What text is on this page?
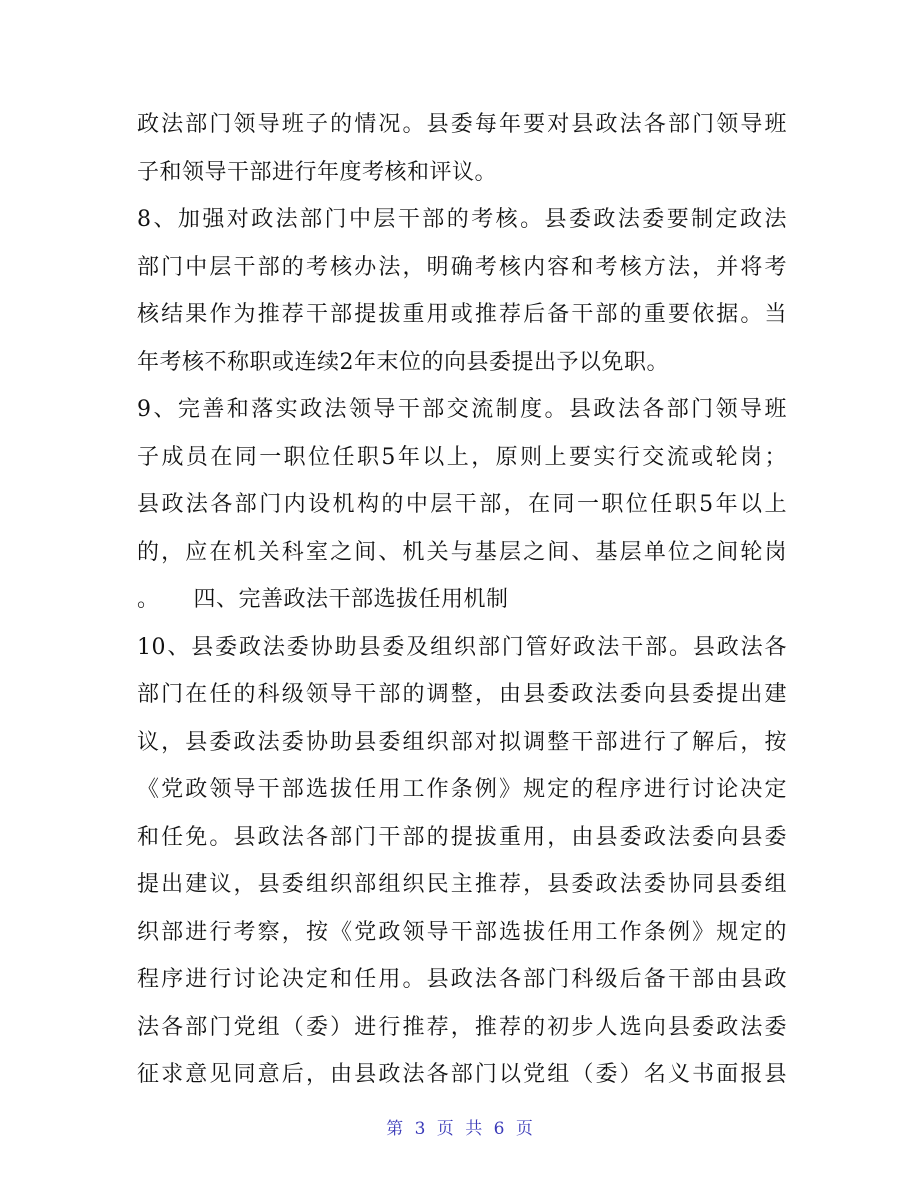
政法部门领导班子的情况。县委每年要对县政法各部门领导班
子和领导干部进行年度考核和评议。
8、加强对政法部门中层干部的考核。县委政法委要制定政法
部门中层干部的考核办法，明确考核内容和考核方法，并将考
核结果作为推荐干部提拔重用或推荐后备干部的重要依据。当
年考核不称职或连续2年末位的向县委提出予以免职。
9、完善和落实政法领导干部交流制度。县政法各部门领导班
子成员在同一职位任职5年以上，原则上要实行交流或轮岗；
县政法各部门内设机构的中层干部，在同一职位任职5年以上
的，应在机关科室之间、机关与基层之间、基层单位之间轮岗
。　　四、完善政法干部选拔任用机制
10、县委政法委协助县委及组织部门管好政法干部。县政法各
部门在任的科级领导干部的调整，由县委政法委向县委提出建
议，县委政法委协助县委组织部对拟调整干部进行了解后，按
《党政领导干部选拔任用工作条例》规定的程序进行讨论决定
和任免。县政法各部门干部的提拔重用，由县委政法委向县委
提出建议，县委组织部组织民主推荐，县委政法委协同县委组
织部进行考察，按《党政领导干部选拔任用工作条例》规定的
程序进行讨论决定和任用。县政法各部门科级后备干部由县政
法各部门党组（委）进行推荐，推荐的初步人选向县委政法委
征求意见同意后，由县政法各部门以党组（委）名义书面报县
第 3 页 共 6 页
